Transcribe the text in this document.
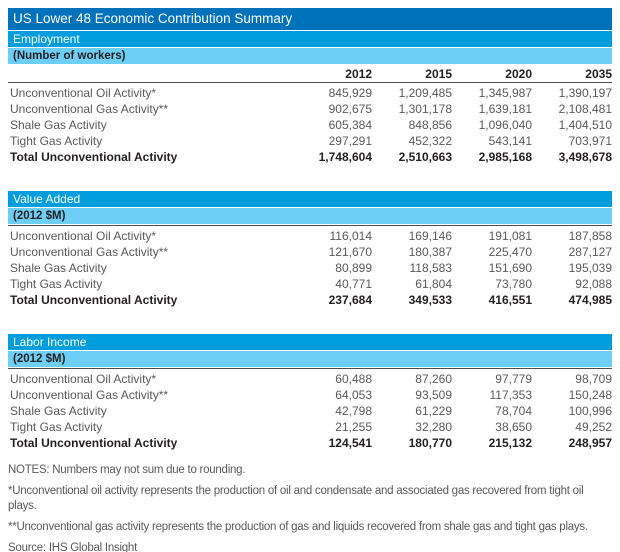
US Lower 48 Economic Contribution Summary
Employment
(Number of workers)
2012	2015	2020	2035
Unconventional Oil Activity*	845,929	1,209,485	1,345,987	1,390,197
Unconventional Gas Activity**	902,675	1,301,178	1,639,181	2,108,481
Shale Gas Activity	605,384	848,856	1,096,040	1,404,510
Tight Gas Activity	297,291	452,322	543,141	703,971
Total Unconventional Activity	1,748,604	2,510,663	2,985,168	3,498,678
Value Added
(2012 $M)
Unconventional Oil Activity*	116,014	169,146	191,081	187,858
Unconventional Gas Activity**	121,670	180,387	225,470	287,127
Shale Gas Activity	80,899	118,583	151,690	195,039
Tight Gas Activity	40,771	61,804	73,780	92,088
Total Unconventional Activity	237,684	349,533	416,551	474,985
Labor Income
(2012 $M)
Unconventional Oil Activity*	60,488	87,260	97,779	98,709
Unconventional Gas Activity**	64,053	93,509	117,353	150,248
Shale Gas Activity	42,798	61,229	78,704	100,996
Tight Gas Activity	21,255	32,280	38,650	49,252
Total Unconventional Activity	124,541	180,770	215,132	248,957

NOTES: Numbers may not sum due to rounding.

*Unconventional oil activity represents the production of oil and condensate and associated gas recovered from tight oil plays.

**Unconventional gas activity represents the production of gas and liquids recovered from shale gas and tight gas plays.

Source: IHS Global Insight
